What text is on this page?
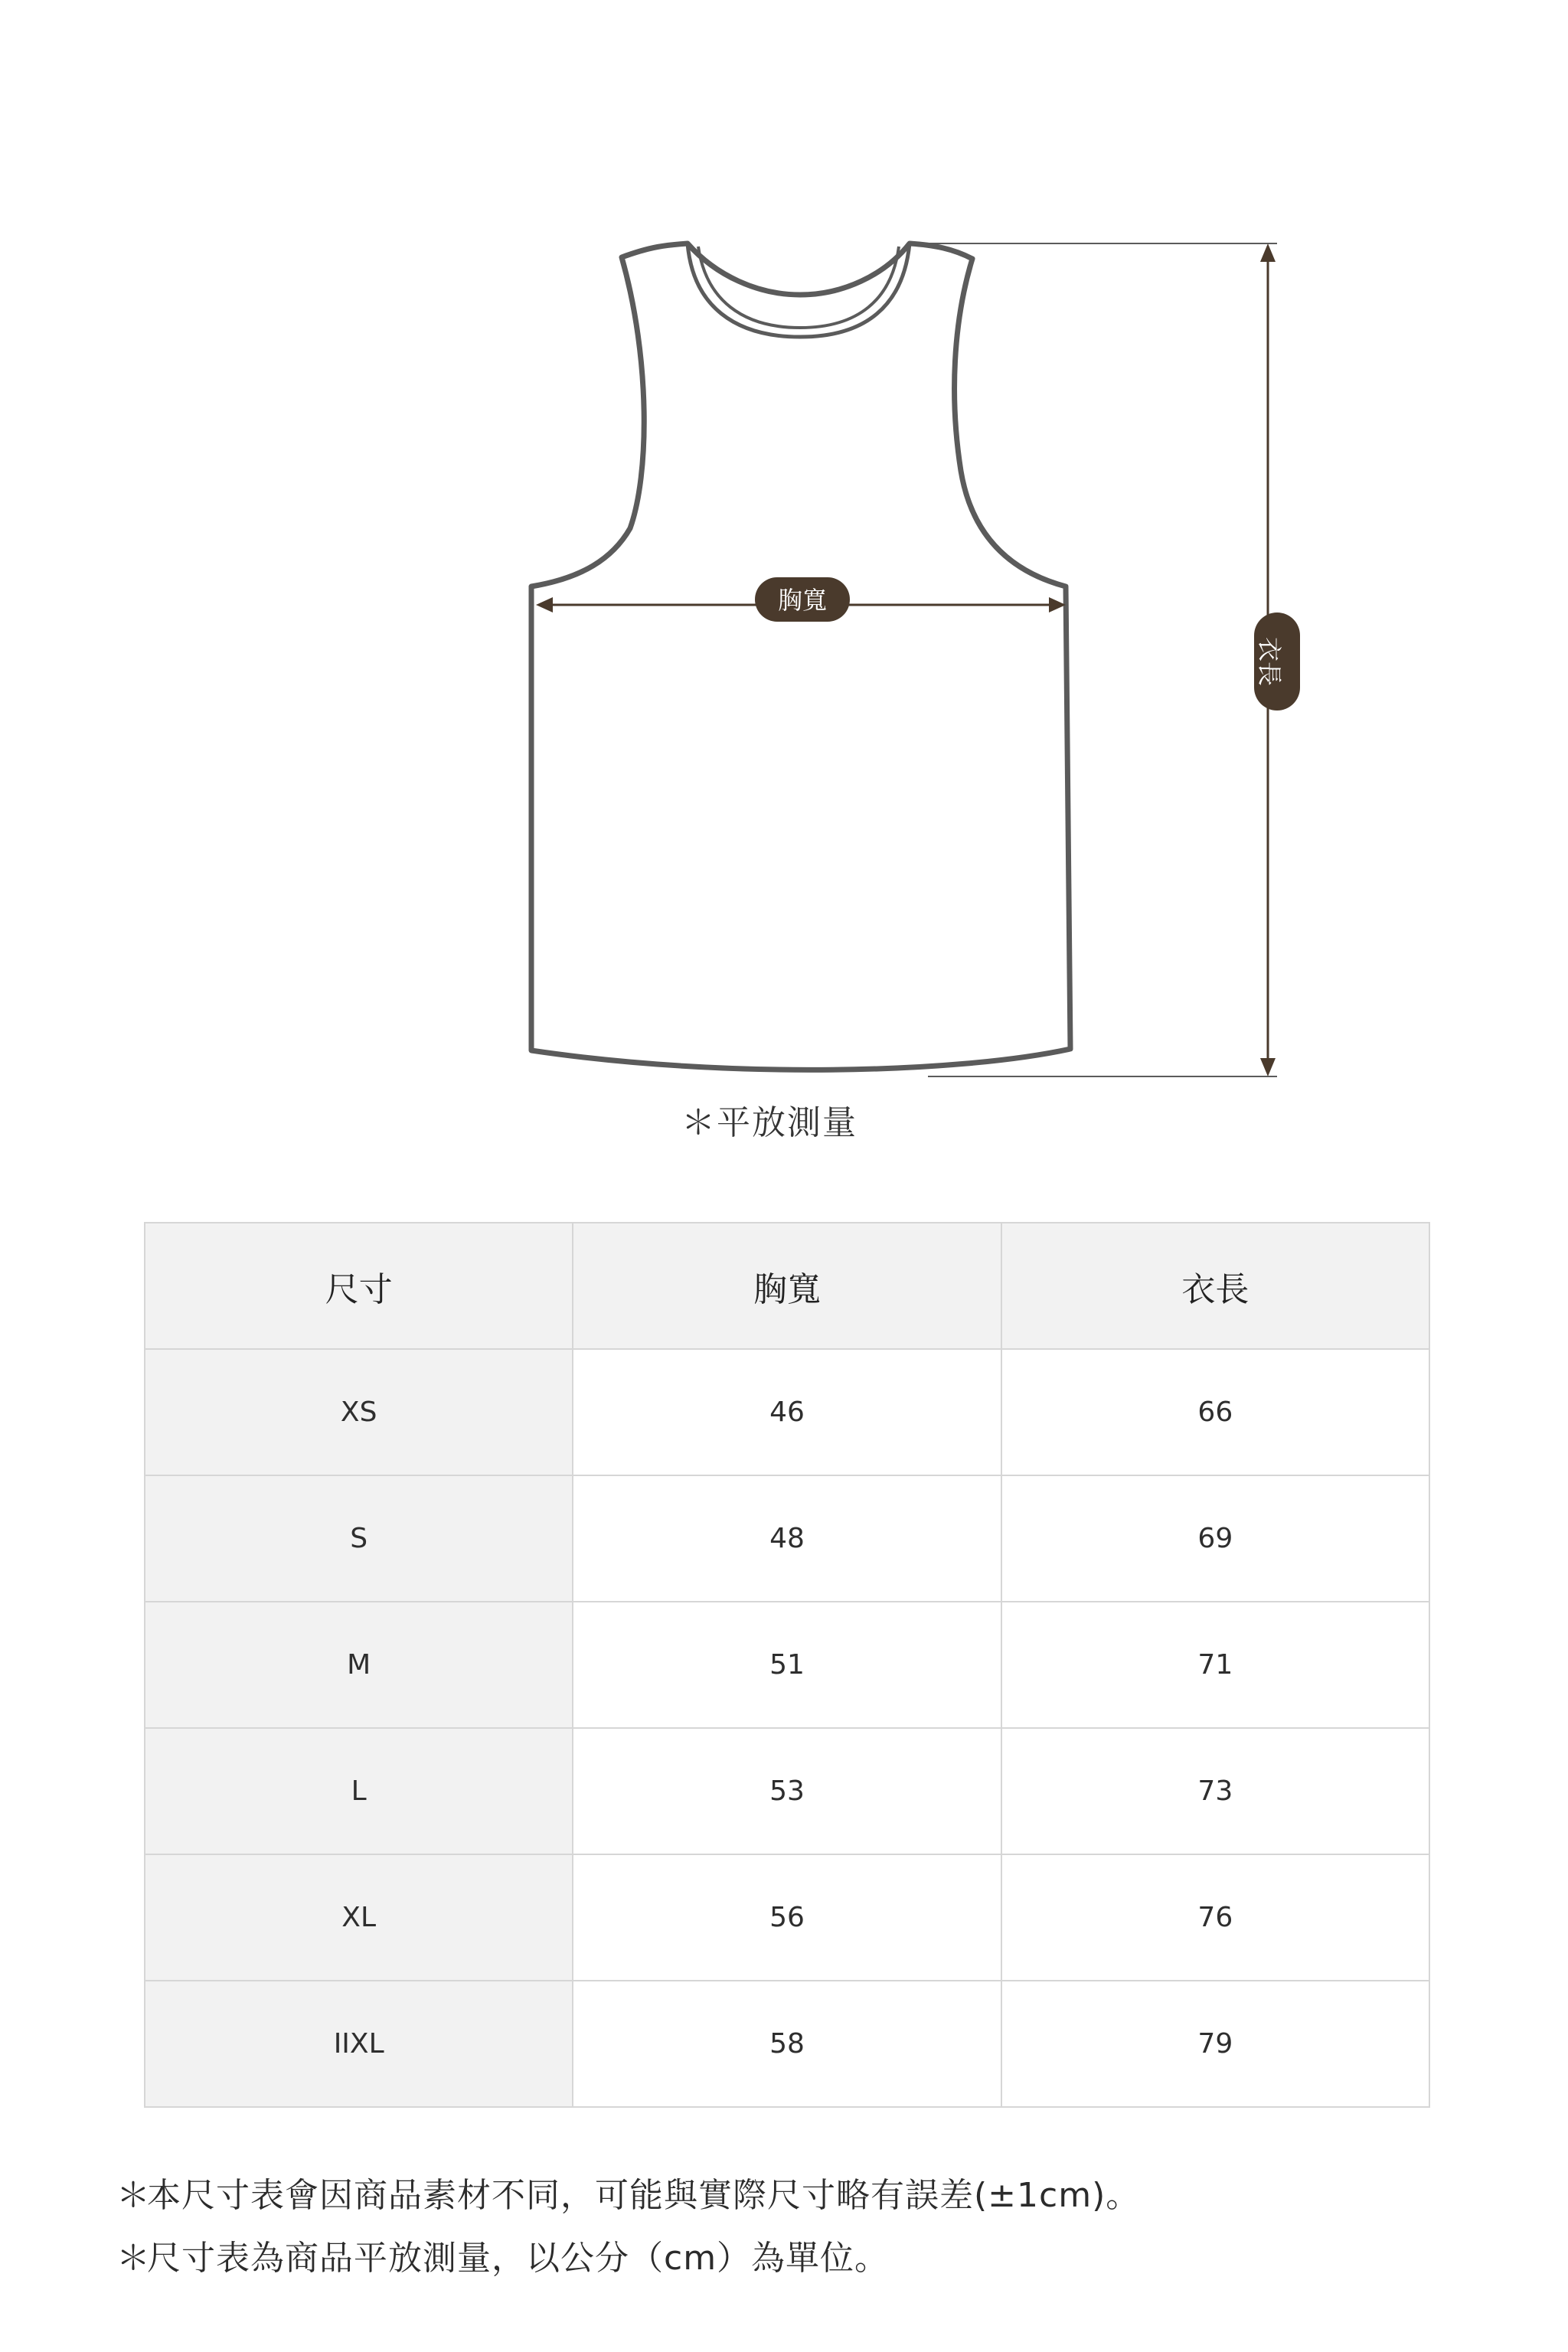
胸寬
衣長
＊平放測量
尺寸	胸寬	衣長
XS	46	66
S	48	69
M	51	71
L	53	73
XL	56	76
IIXL	58	79
＊本尺寸表會因商品素材不同，可能與實際尺寸略有誤差(±1cm)。
＊尺寸表為商品平放測量，以公分（cm）為單位。
